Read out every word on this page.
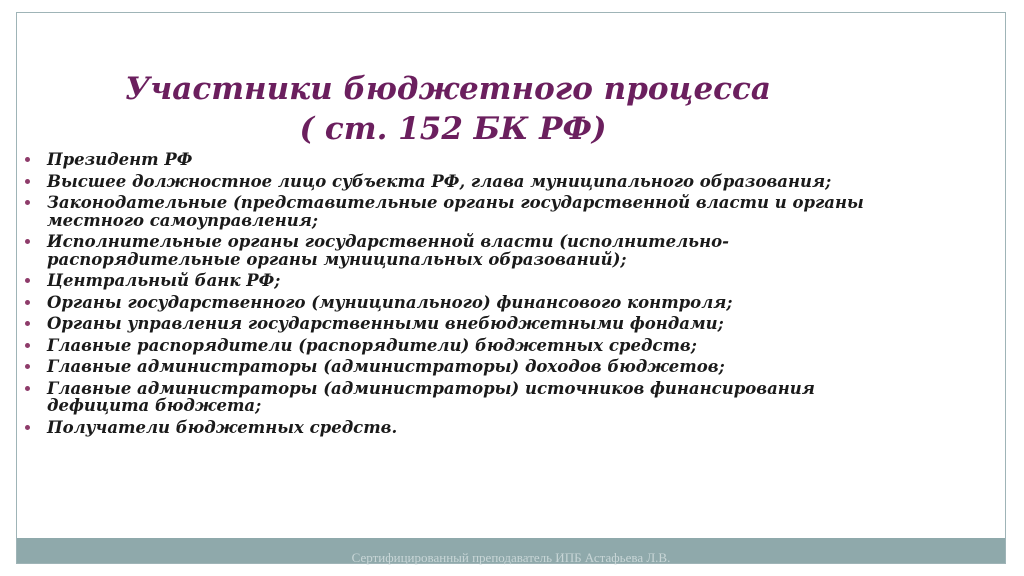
Участники бюджетного процесса
( ст. 152 БК РФ)
Президент РФ
Высшее должностное лицо субъекта РФ, глава муниципального образования;
Законодательные (представительные органы государственной власти и органы местного самоуправления;
Исполнительные органы государственной власти (исполнительно-распорядительные органы муниципальных образований);
Центральный банк РФ;
Органы государственного (муниципального) финансового контроля;
Органы управления государственными внебюджетными фондами;
Главные распорядители (распорядители) бюджетных средств;
Главные администраторы (администраторы) доходов бюджетов;
Главные администраторы (администраторы) источников финансирования дефицита бюджета;
Получатели бюджетных средств.
Сертифицированный преподаватель ИПБ Астафьева Л.В.
